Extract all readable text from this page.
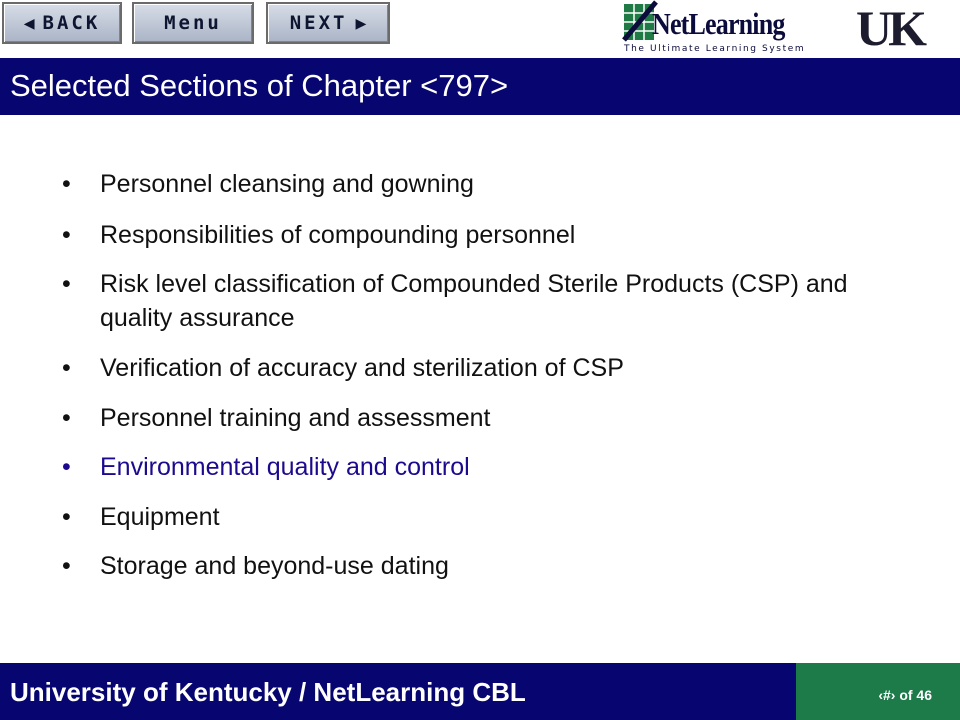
◀ BACK	Menu	NEXT ▶	NetLearning
The Ultimate Learning System UK
Selected Sections of Chapter <797>
•	Personnel cleansing and gowning
•	Responsibilities of compounding personnel
•	Risk level classification of Compounded Sterile Products (CSP) and quality assurance
•	Verification of accuracy and sterilization of CSP
•	Personnel training and assessment
•	Environmental quality and control
•	Equipment
•	Storage and beyond-use dating
University of Kentucky / NetLearning CBL	‹#› of 46
